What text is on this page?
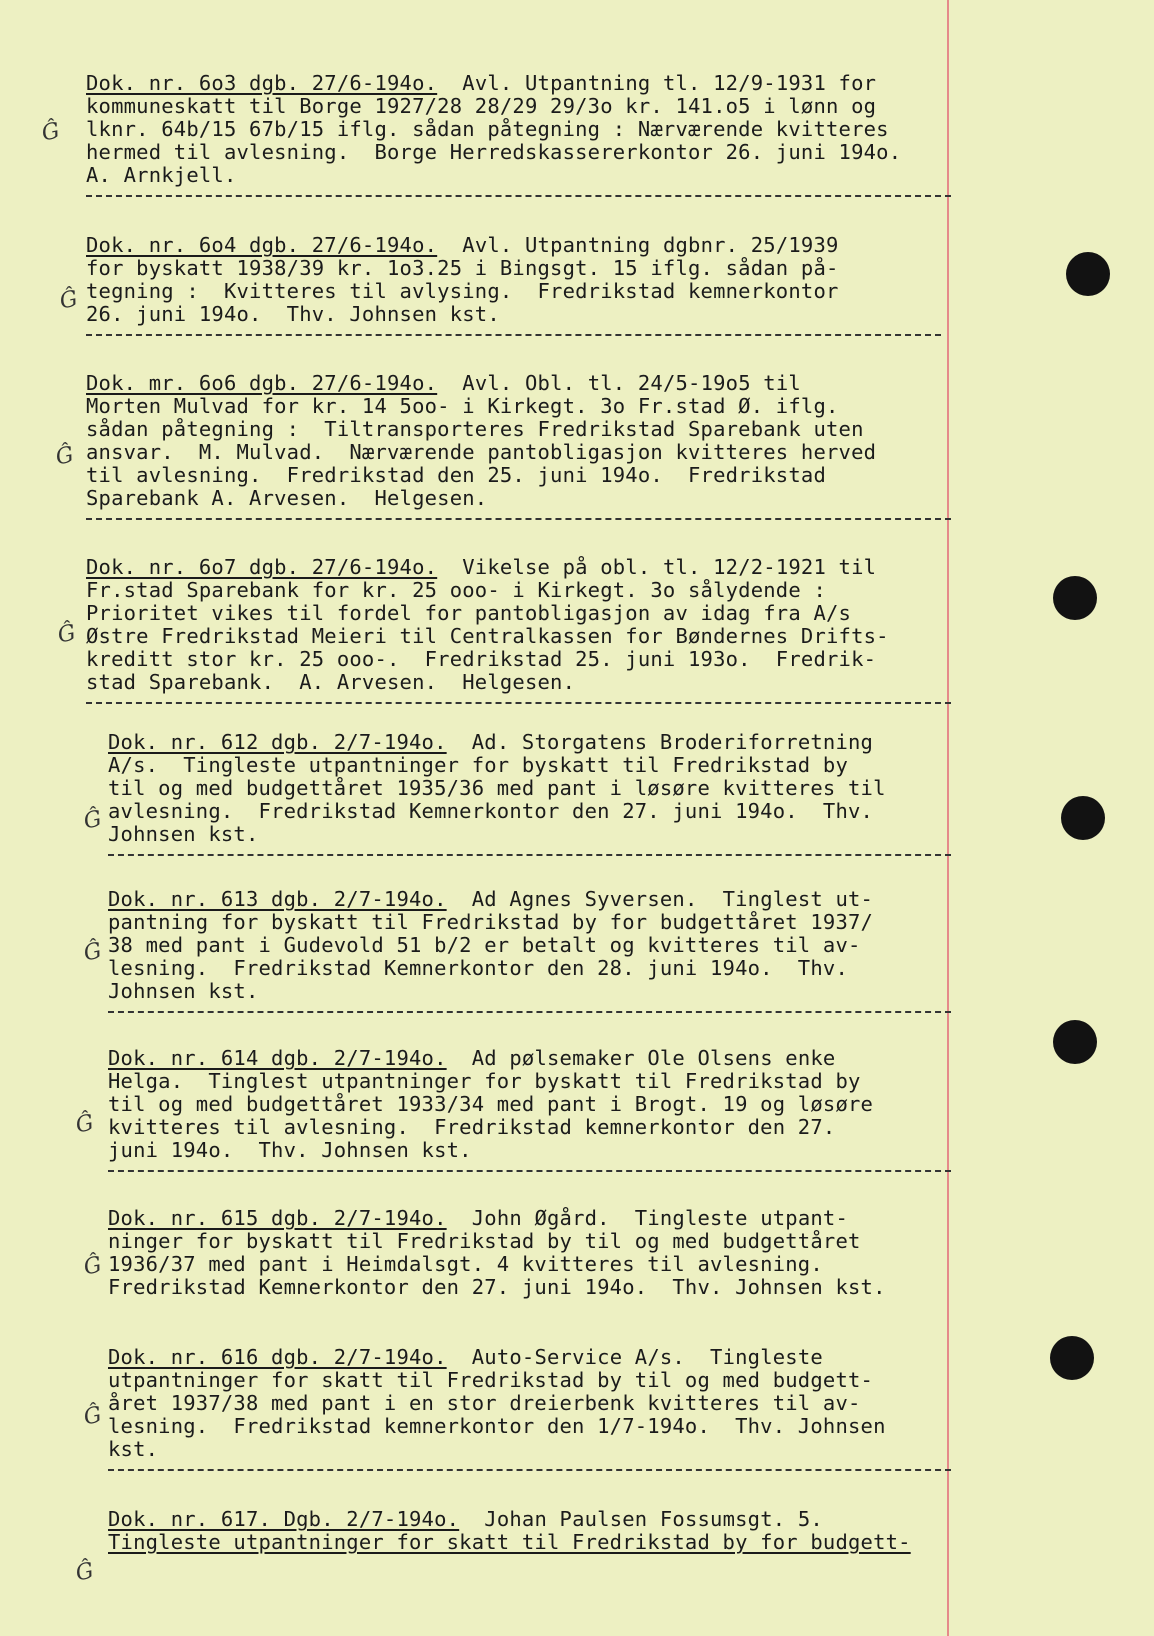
Dok. nr. 6o3 dgb. 27/6-194o. Avl. Utpantning tl. 12/9-1931 for
kommuneskatt til Borge 1927/28 28/29 29/3o kr. 141.o5 i lønn og
lknr. 64b/15 67b/15 iflg. sådan påtegning : Nærværende kvitteres
hermed til avlesning.  Borge Herredskassererkontor 26. juni 194o.
A. Arnkjell.
Ĝ
Dok. nr. 6o4 dgb. 27/6-194o. Avl. Utpantning dgbnr. 25/1939
for byskatt 1938/39 kr. 1o3.25 i Bingsgt. 15 iflg. sådan på-
tegning :  Kvitteres til avlysing.  Fredrikstad kemnerkontor
26. juni 194o.  Thv. Johnsen kst.
Ĝ
Dok. mr. 6o6 dgb. 27/6-194o. Avl. Obl. tl. 24/5-19o5 til
Morten Mulvad for kr. 14 5oo- i Kirkegt. 3o Fr.stad Ø. iflg.
sådan påtegning :  Tiltransporteres Fredrikstad Sparebank uten
ansvar.  M. Mulvad.  Nærværende pantobligasjon kvitteres herved
til avlesning.  Fredrikstad den 25. juni 194o.  Fredrikstad
Sparebank A. Arvesen.  Helgesen.
Ĝ
Dok. nr. 6o7 dgb. 27/6-194o. Vikelse på obl. tl. 12/2-1921 til
Fr.stad Sparebank for kr. 25 ooo- i Kirkegt. 3o sålydende :
Prioritet vikes til fordel for pantobligasjon av idag fra A/s
Østre Fredrikstad Meieri til Centralkassen for Bøndernes Drifts-
kreditt stor kr. 25 ooo-.  Fredrikstad 25. juni 193o.  Fredrik-
stad Sparebank.  A. Arvesen.  Helgesen.
Ĝ
Dok. nr. 612 dgb. 2/7-194o. Ad. Storgatens Broderiforretning
A/s.  Tinglestе utpantninger for byskatt til Fredrikstad by
til og med budgettåret 1935/36 med pant i løsøre kvitteres til
avlesning.  Fredrikstad Kemnerkontor den 27. juni 194o.  Thv.
Johnsen kst.
Ĝ
Dok. nr. 613 dgb. 2/7-194o. Ad Agnes Syversen.  Tinglest ut-
pantning for byskatt til Fredrikstad by for budgettåret 1937/
38 med pant i Gudevold 51 b/2 er betalt og kvitteres til av-
lesning.  Fredrikstad Kemnerkontor den 28. juni 194o.  Thv.
Johnsen kst.
Ĝ
Dok. nr. 614 dgb. 2/7-194o. Ad pølsemaker Ole Olsens enke
Helga.  Tinglest utpantninger for byskatt til Fredrikstad by
til og med budgettåret 1933/34 med pant i Brogt. 19 og løsøre
kvitteres til avlesning.  Fredrikstad kemnerkontor den 27.
juni 194o.  Thv. Johnsen kst.
Ĝ
Dok. nr. 615 dgb. 2/7-194o. John Øgård.  Tingleste utpant-
ninger for byskatt til Fredrikstad by til og med budgettåret
1936/37 med pant i Heimdalsgt. 4 kvitteres til avlesning.
Fredrikstad Kemnerkontor den 27. juni 194o.  Thv. Johnsen kst.
Ĝ
Dok. nr. 616 dgb. 2/7-194o. Auto-Service A/s.  Tingleste
utpantninger for skatt til Fredrikstad by til og med budgett-
året 1937/38 med pant i en stor dreierbenk kvitteres til av-
lesning.  Fredrikstad kemnerkontor den 1/7-194o.  Thv. Johnsen
kst.
Ĝ
Dok. nr. 617. Dgb. 2/7-194o. Johan Paulsen Fossumsgt. 5.
Tingleste utpantninger for skatt til Fredrikstad by for budgett-
Ĝ
